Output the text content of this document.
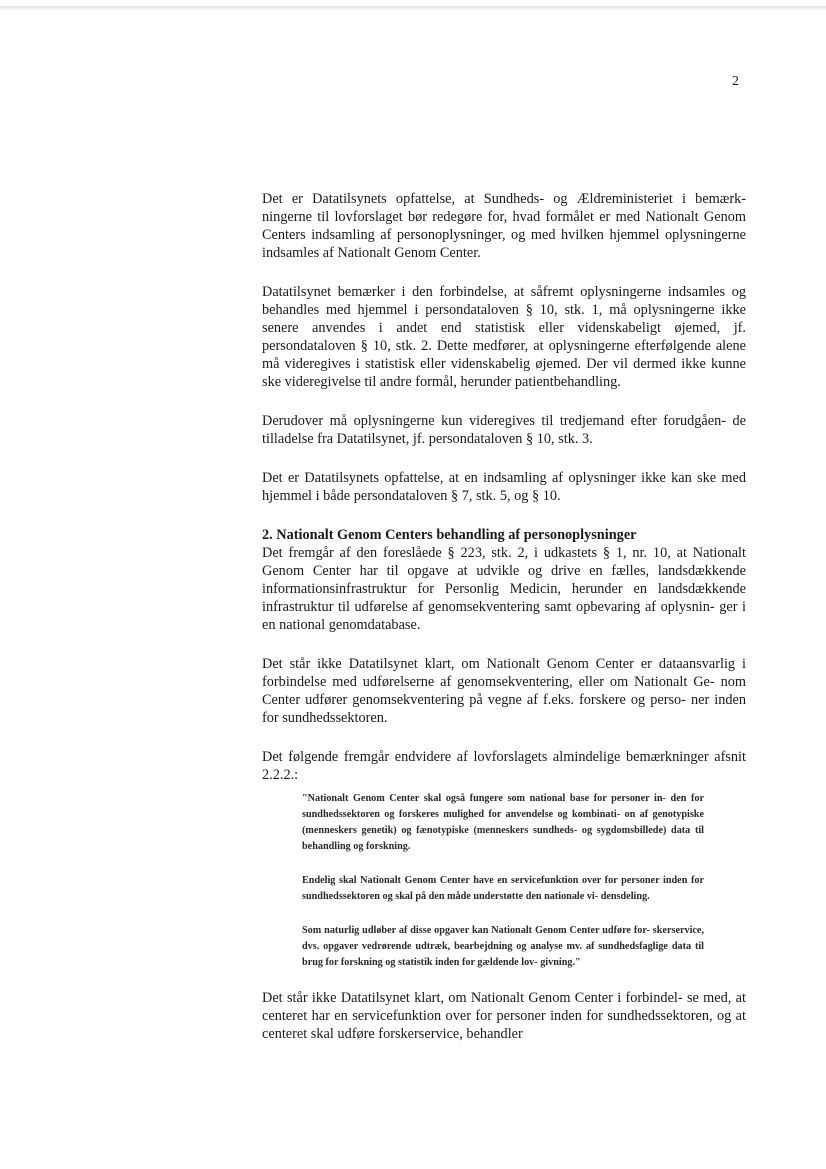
2

Det er Datatilsynets opfattelse, at Sundheds- og Ældreministeriet i bemærk- ningerne til lovforslaget bør redegøre for, hvad formålet er med Nationalt Genom Centers indsamling af personoplysninger, og med hvilken hjemmel oplysningerne indsamles af Nationalt Genom Center.

Datatilsynet bemærker i den forbindelse, at såfremt oplysningerne indsamles og behandles med hjemmel i persondataloven § 10, stk. 1, må oplysningerne ikke senere anvendes i andet end statistisk eller videnskabeligt øjemed, jf. persondataloven § 10, stk. 2. Dette medfører, at oplysningerne efterfølgende alene må videregives i statistisk eller videnskabelig øjemed. Der vil dermed ikke kunne ske videregivelse til andre formål, herunder patientbehandling.

Derudover må oplysningerne kun videregives til tredjemand efter forudgåen- de tilladelse fra Datatilsynet, jf. persondataloven § 10, stk. 3.

Det er Datatilsynets opfattelse, at en indsamling af oplysninger ikke kan ske med hjemmel i både persondataloven § 7, stk. 5, og § 10.

2. Nationalt Genom Centers behandling af personoplysninger

Det fremgår af den foreslåede § 223, stk. 2, i udkastets § 1, nr. 10, at Nationalt Genom Center har til opgave at udvikle og drive en fælles, landsdækkende informationsinfrastruktur for Personlig Medicin, herunder en landsdækkende infrastruktur til udførelse af genomsekventering samt opbevaring af oplysnin- ger i en national genomdatabase.

Det står ikke Datatilsynet klart, om Nationalt Genom Center er dataansvarlig i forbindelse med udførelserne af genomsekventering, eller om Nationalt Ge- nom Center udfører genomsekventering på vegne af f.eks. forskere og perso- ner inden for sundhedssektoren.

Det følgende fremgår endvidere af lovforslagets almindelige bemærkninger afsnit 2.2.2.:

"Nationalt Genom Center skal også fungere som national base for personer in- den for sundhedssektoren og forskeres mulighed for anvendelse og kombinati- on af genotypiske (menneskers genetik) og fænotypiske (menneskers sundheds- og sygdomsbillede) data til behandling og forskning.

Endelig skal Nationalt Genom Center have en servicefunktion over for personer inden for sundhedssektoren og skal på den måde understøtte den nationale vi- densdeling.

Som naturlig udløber af disse opgaver kan Nationalt Genom Center udføre for- skerservice, dvs. opgaver vedrørende udtræk, bearbejdning og analyse mv. af sundhedsfaglige data til brug for forskning og statistik inden for gældende lov- givning."

Det står ikke Datatilsynet klart, om Nationalt Genom Center i forbindel- se med, at centeret har en servicefunktion over for personer inden for sundhedssektoren, og at centeret skal udføre forskerservice, behandler
